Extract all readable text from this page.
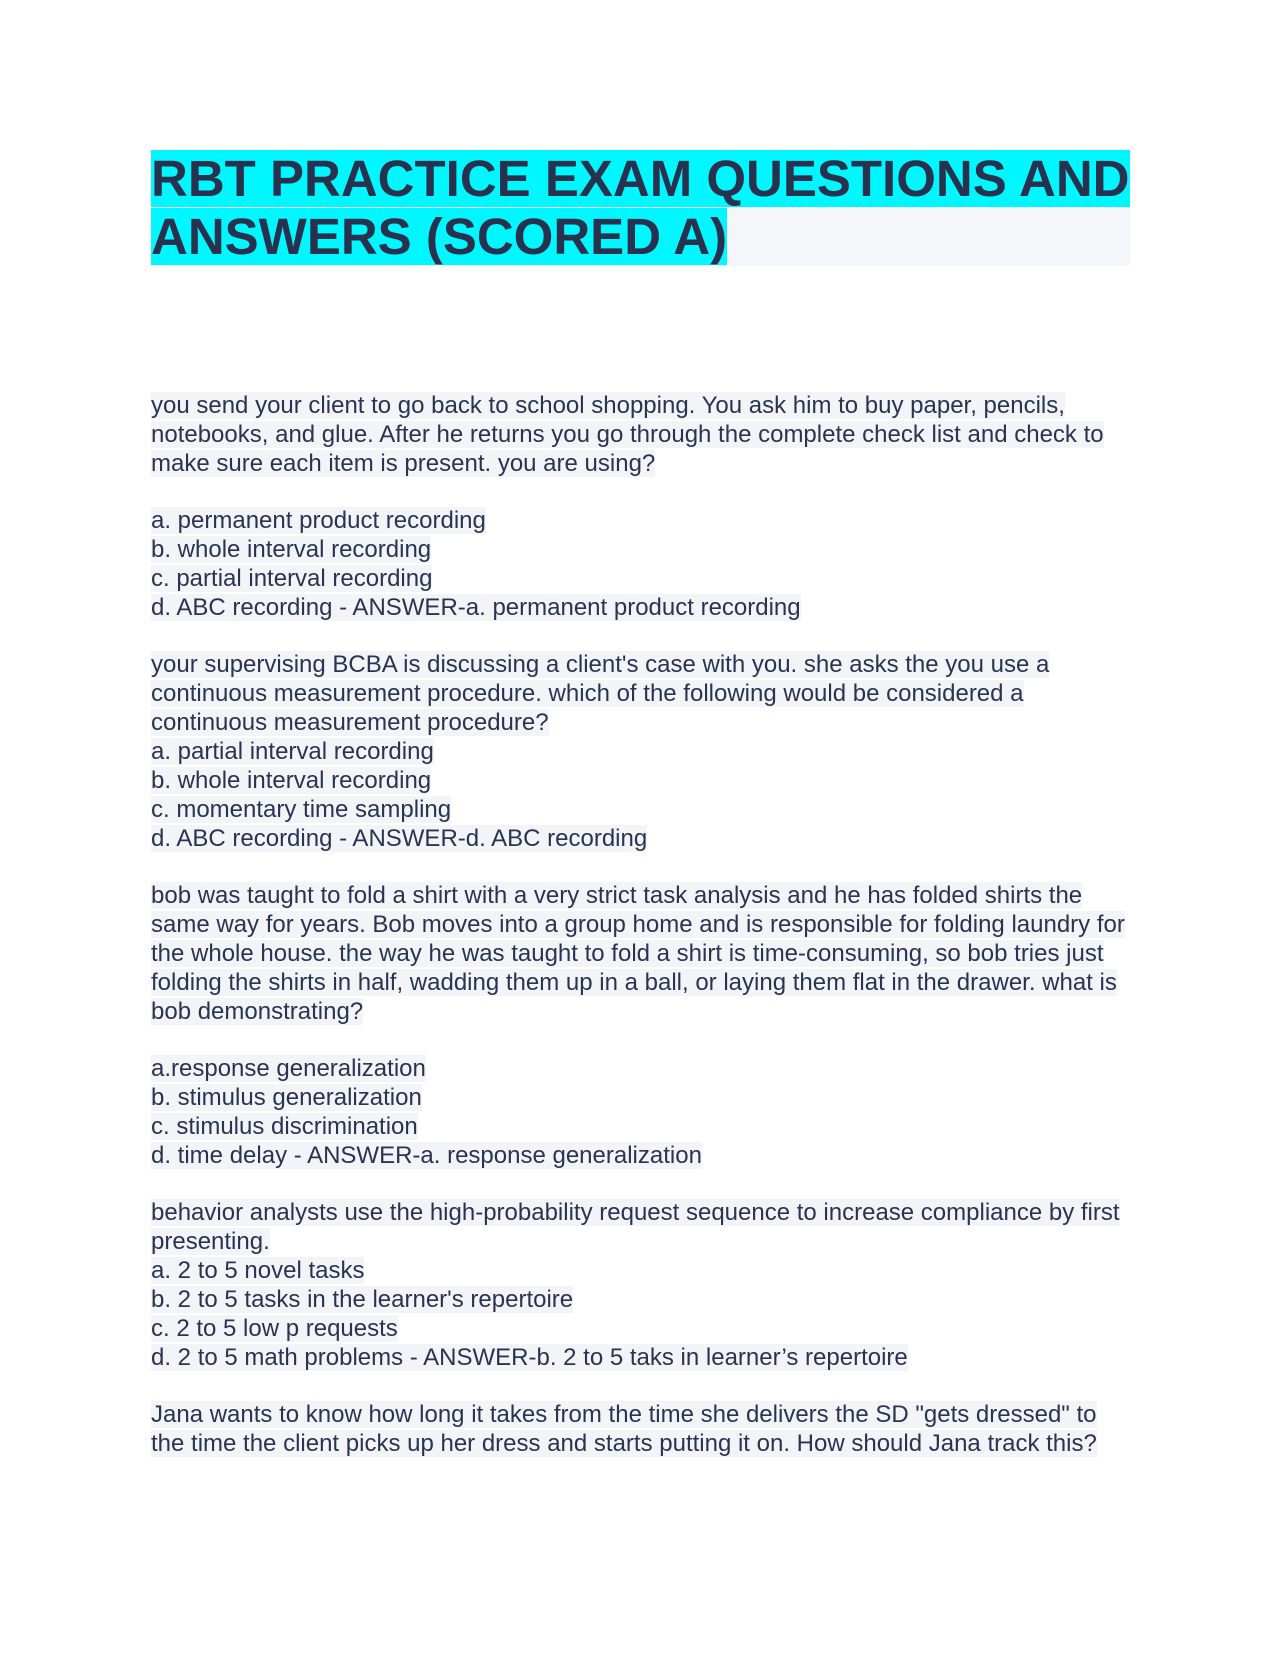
RBT PRACTICE EXAM QUESTIONS AND ANSWERS (SCORED A)

you send your client to go back to school shopping. You ask him to buy paper, pencils, notebooks, and glue. After he returns you go through the complete check list and check to make sure each item is present. you are using?

a. permanent product recording
b. whole interval recording
c. partial interval recording
d. ABC recording - ANSWER-a. permanent product recording

your supervising BCBA is discussing a client's case with you. she asks the you use a continuous measurement procedure. which of the following would be considered a continuous measurement procedure?

a. partial interval recording
b. whole interval recording
c. momentary time sampling
d. ABC recording - ANSWER-d. ABC recording

bob was taught to fold a shirt with a very strict task analysis and he has folded shirts the same way for years. Bob moves into a group home and is responsible for folding laundry for the whole house. the way he was taught to fold a shirt is time-consuming, so bob tries just folding the shirts in half, wadding them up in a ball, or laying them flat in the drawer. what is bob demonstrating?

a.response generalization
b. stimulus generalization
c. stimulus discrimination
d. time delay - ANSWER-a. response generalization

behavior analysts use the high-probability request sequence to increase compliance by first presenting.

a. 2 to 5 novel tasks
b. 2 to 5 tasks in the learner's repertoire
c. 2 to 5 low p requests
d. 2 to 5 math problems - ANSWER-b. 2 to 5 taks in learner’s repertoire

Jana wants to know how long it takes from the time she delivers the SD "gets dressed" to the time the client picks up her dress and starts putting it on. How should Jana track this?
